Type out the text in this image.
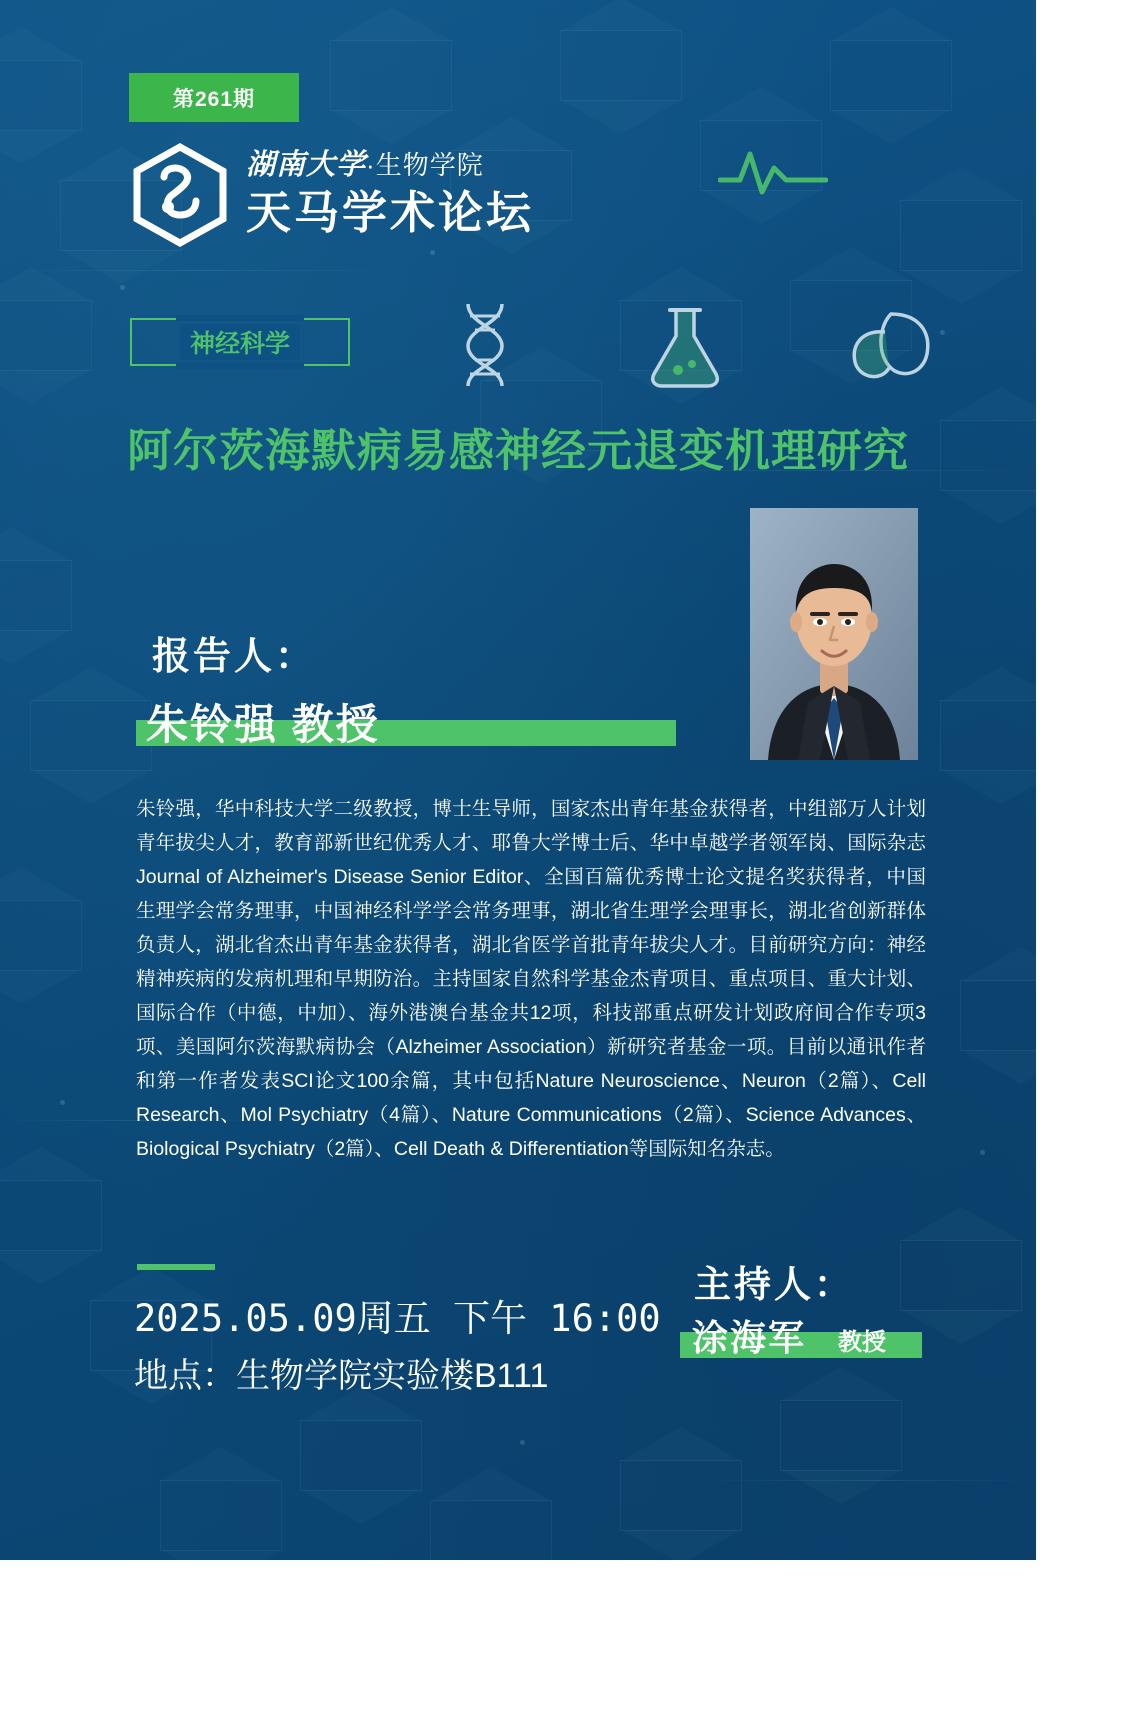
第261期
湖南大学·生物学院
天马学术论坛
神经科学
阿尔茨海默病易感神经元退变机理研究
报告人：
朱铃强 教授
朱铃强，华中科技大学二级教授，博士生导师，国家杰出青年基金获得者，中组部万人计划青年拔尖人才，教育部新世纪优秀人才、耶鲁大学博士后、华中卓越学者领军岗、国际杂志Journal of Alzheimer's Disease Senior Editor、全国百篇优秀博士论文提名奖获得者，中国生理学会常务理事，中国神经科学学会常务理事，湖北省生理学会理事长，湖北省创新群体负责人，湖北省杰出青年基金获得者，湖北省医学首批青年拔尖人才。目前研究方向：神经精神疾病的发病机理和早期防治。主持国家自然科学基金杰青项目、重点项目、重大计划、国际合作（中德，中加）、海外港澳台基金共12项，科技部重点研发计划政府间合作专项3项、美国阿尔茨海默病协会（Alzheimer Association）新研究者基金一项。目前以通讯作者和第一作者发表SCI论文100余篇，其中包括Nature Neuroscience、Neuron（2篇）、Cell Research、Mol Psychiatry（4篇）、Nature Communications（2篇）、Science Advances、Biological Psychiatry（2篇）、Cell Death & Differentiation等国际知名杂志。
2025.05.09周五 下午 16:00
地点：生物学院实验楼B111
主持人：
涂海军 教授
